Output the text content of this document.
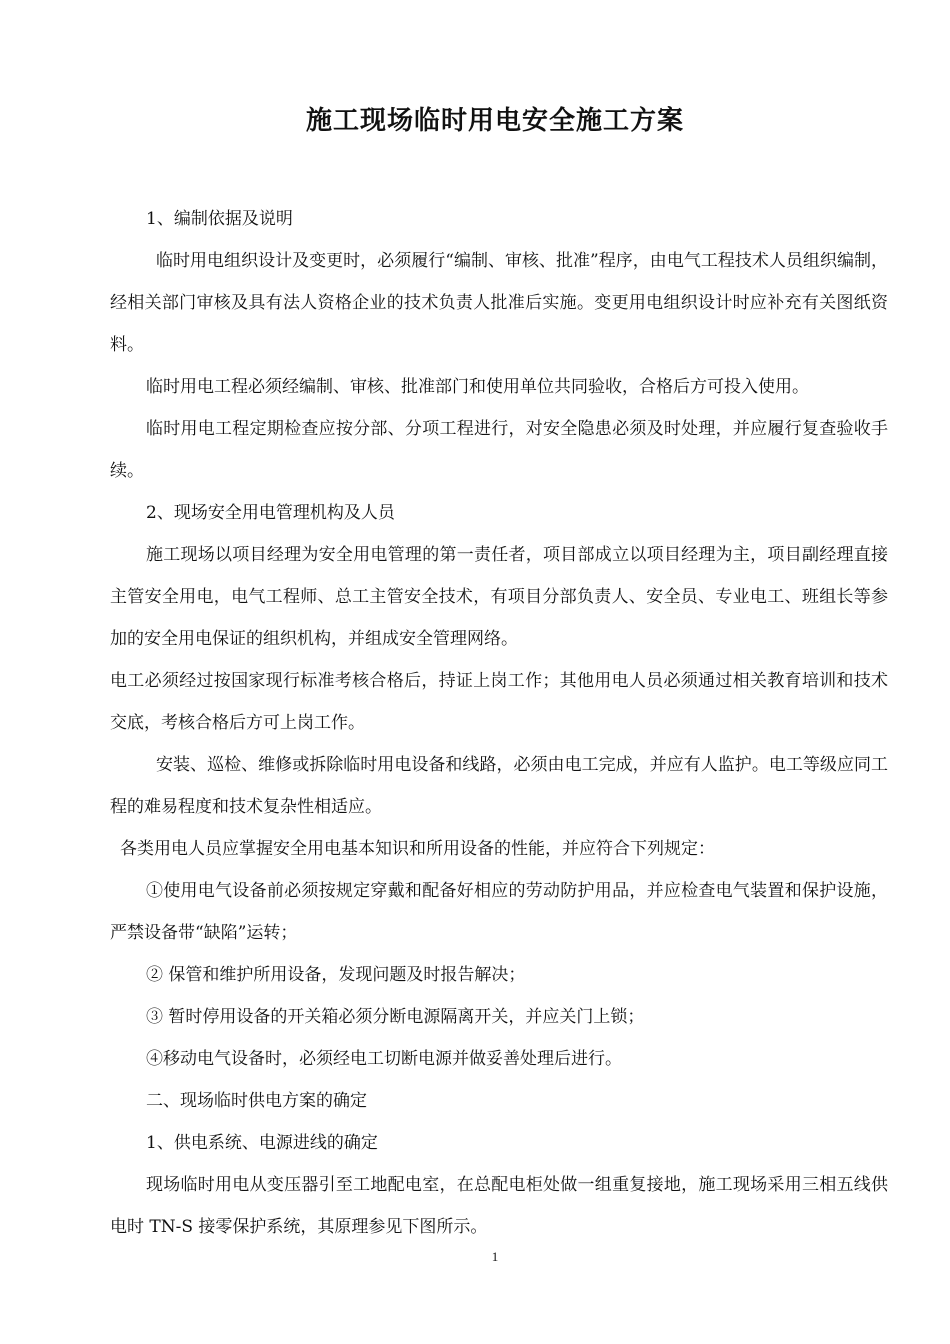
施工现场临时用电安全施工方案

1、编制依据及说明

临时用电组织设计及变更时，必须履行“编制、审核、批准”程序，由电气工程技术人员组织编制，经相关部门审核及具有法人资格企业的技术负责人批准后实施。变更用电组织设计时应补充有关图纸资料。

临时用电工程必须经编制、审核、批准部门和使用单位共同验收，合格后方可投入使用。

临时用电工程定期检查应按分部、分项工程进行，对安全隐患必须及时处理，并应履行复查验收手续。

2、现场安全用电管理机构及人员

施工现场以项目经理为安全用电管理的第一责任者，项目部成立以项目经理为主，项目副经理直接主管安全用电，电气工程师、总工主管安全技术，有项目分部负责人、安全员、专业电工、班组长等参加的安全用电保证的组织机构，并组成安全管理网络。

电工必须经过按国家现行标准考核合格后，持证上岗工作；其他用电人员必须通过相关教育培训和技术交底，考核合格后方可上岗工作。

安装、巡检、维修或拆除临时用电设备和线路，必须由电工完成，并应有人监护。电工等级应同工程的难易程度和技术复杂性相适应。

各类用电人员应掌握安全用电基本知识和所用设备的性能，并应符合下列规定：

①使用电气设备前必须按规定穿戴和配备好相应的劳动防护用品，并应检查电气装置和保护设施，严禁设备带“缺陷”运转；

② 保管和维护所用设备，发现问题及时报告解决；

③ 暂时停用设备的开关箱必须分断电源隔离开关，并应关门上锁；

④移动电气设备时，必须经电工切断电源并做妥善处理后进行。

二、现场临时供电方案的确定

1、供电系统、电源进线的确定

现场临时用电从变压器引至工地配电室，在总配电柜处做一组重复接地，施工现场采用三相五线供电时 TN-S 接零保护系统，其原理参见下图所示。

1
